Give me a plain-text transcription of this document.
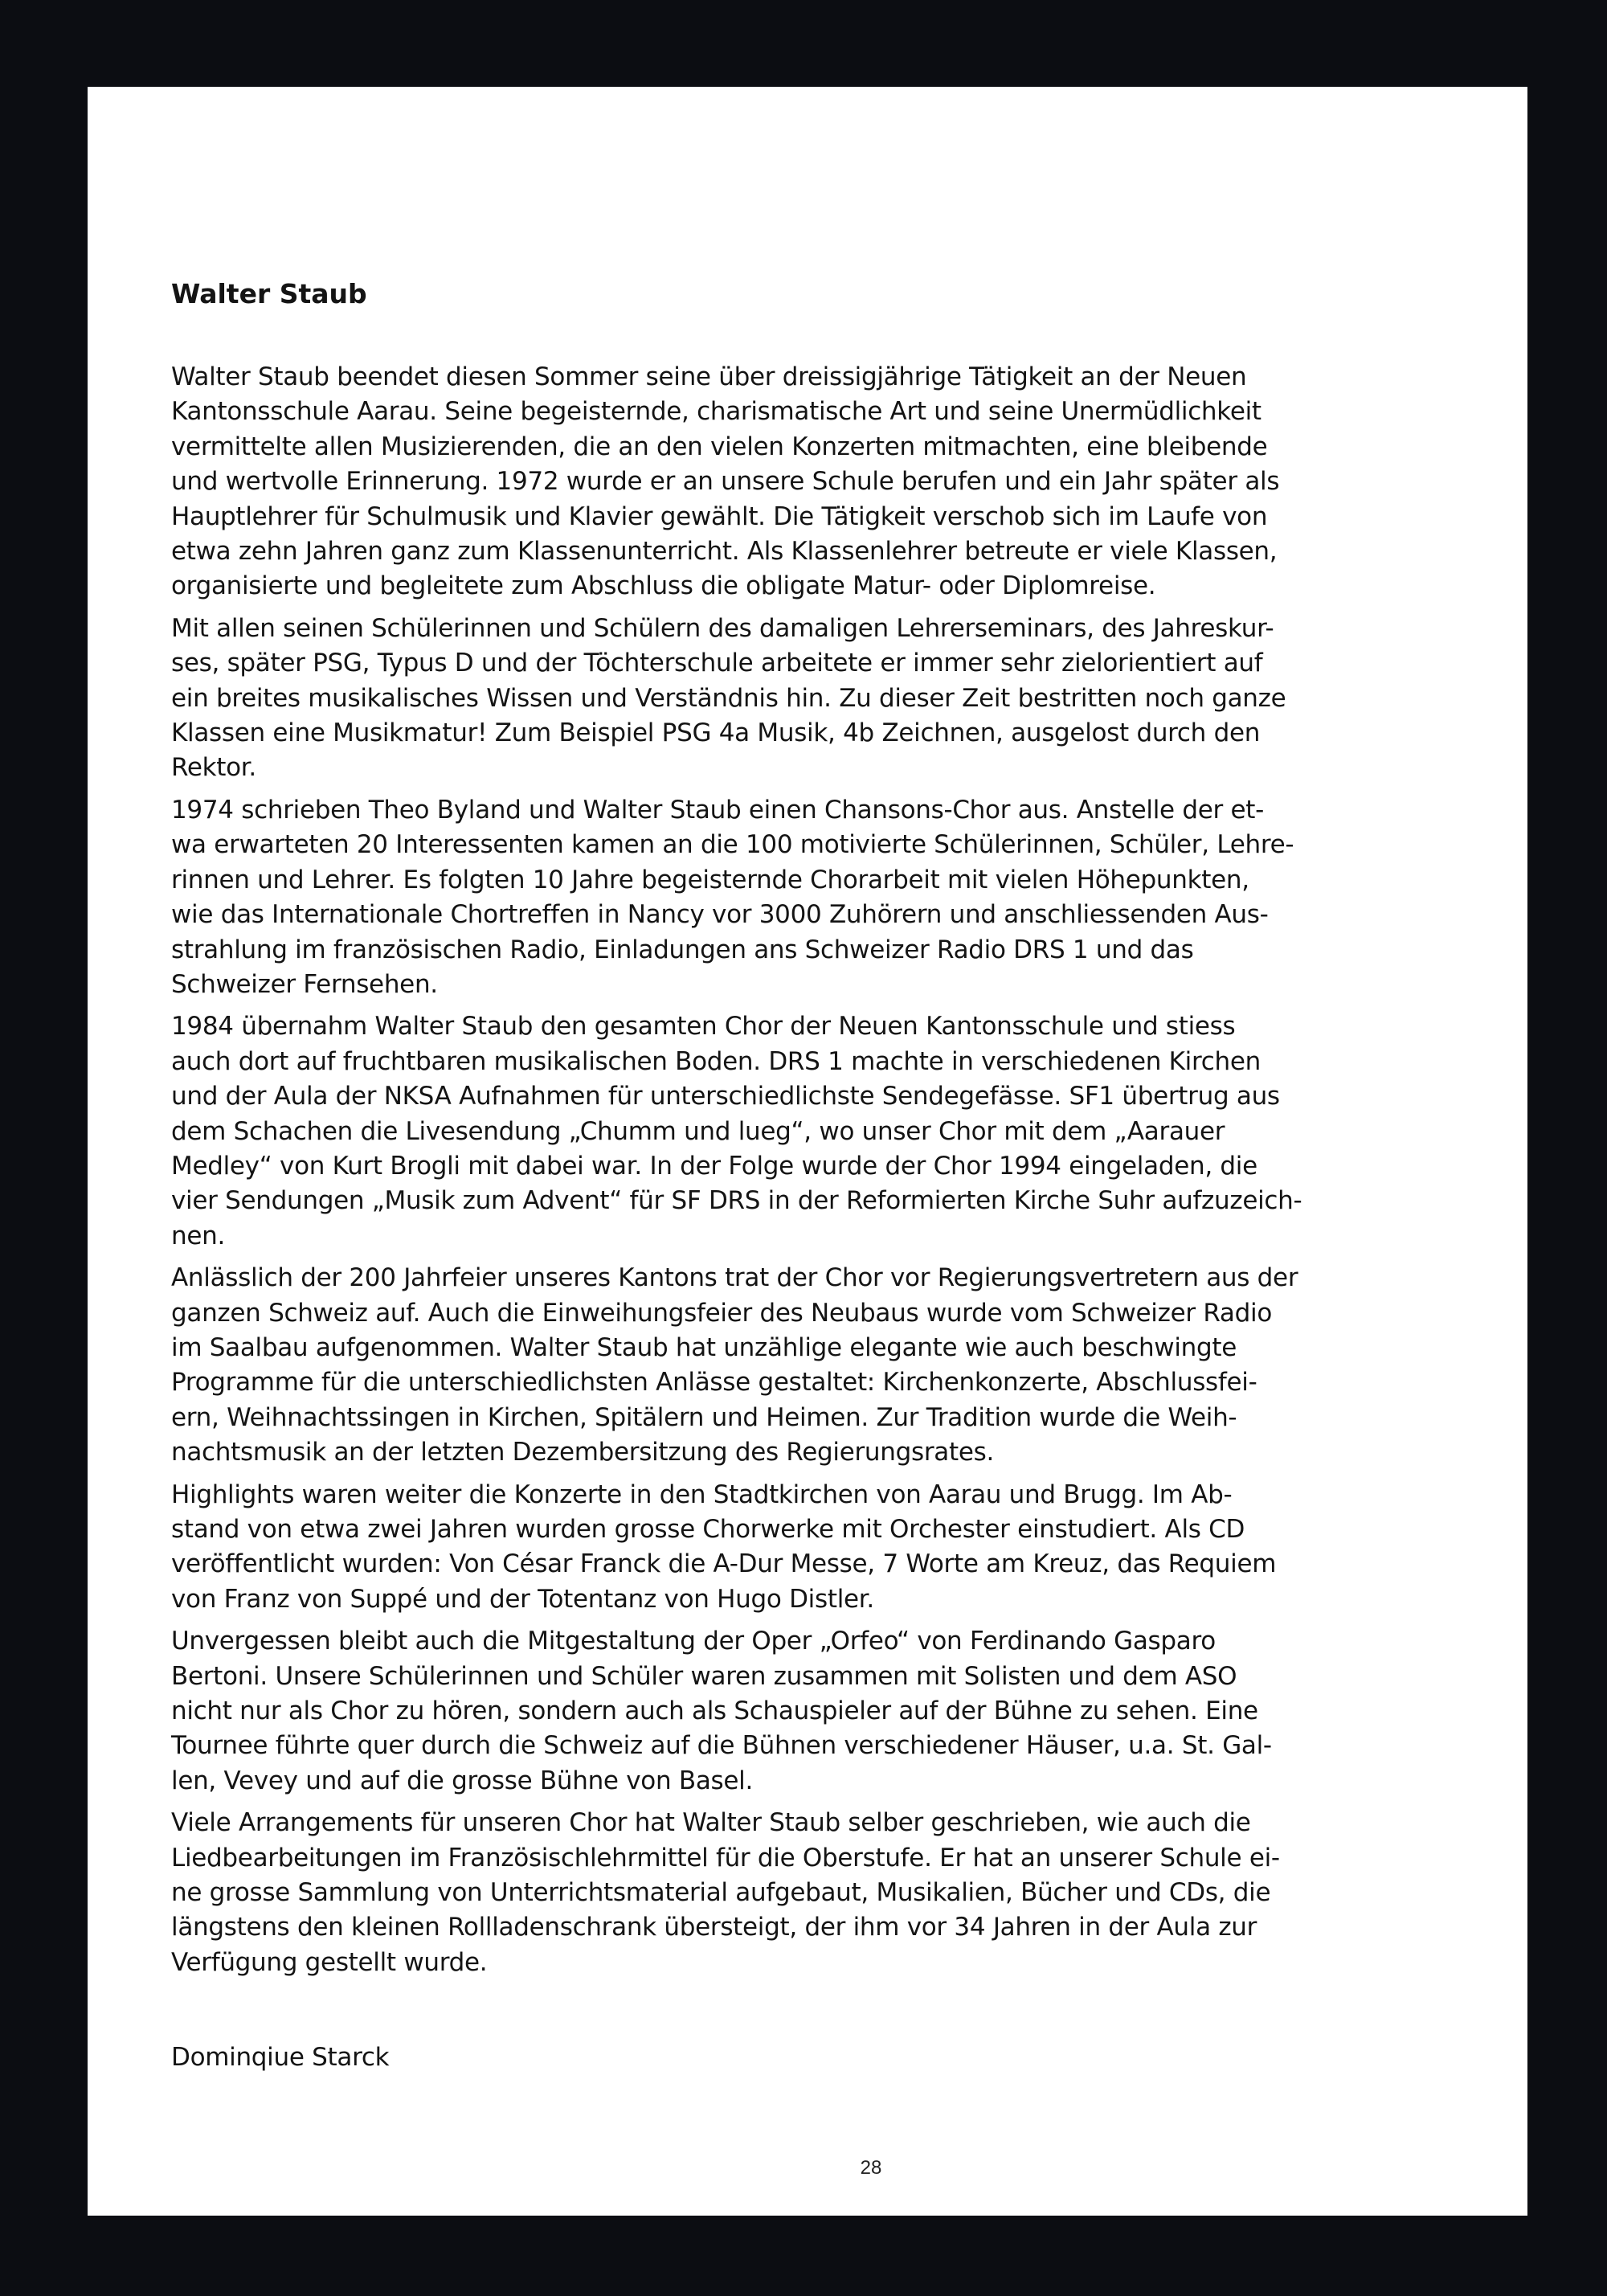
Walter Staub
Walter Staub beendet diesen Sommer seine über dreissigjährige Tätigkeit an der Neuen
Kantonsschule Aarau. Seine begeisternde, charismatische Art und seine Unermüdlichkeit
vermittelte allen Musizierenden, die an den vielen Konzerten mitmachten, eine bleibende
und wertvolle Erinnerung. 1972 wurde er an unsere Schule berufen und ein Jahr später als
Hauptlehrer für Schulmusik und Klavier gewählt. Die Tätigkeit verschob sich im Laufe von
etwa zehn Jahren ganz zum Klassenunterricht. Als Klassenlehrer betreute er viele Klassen,
organisierte und begleitete zum Abschluss die obligate Matur- oder Diplomreise.
Mit allen seinen Schülerinnen und Schülern des damaligen Lehrerseminars, des Jahreskur-
ses, später PSG, Typus D und der Töchterschule arbeitete er immer sehr zielorientiert auf
ein breites musikalisches Wissen und Verständnis hin. Zu dieser Zeit bestritten noch ganze
Klassen eine Musikmatur! Zum Beispiel PSG 4a Musik, 4b Zeichnen, ausgelost durch den
Rektor.
1974 schrieben Theo Byland und Walter Staub einen Chansons-Chor aus. Anstelle der et-
wa erwarteten 20 Interessenten kamen an die 100 motivierte Schülerinnen, Schüler, Lehre-
rinnen und Lehrer. Es folgten 10 Jahre begeisternde Chorarbeit mit vielen Höhepunkten,
wie das Internationale Chortreffen in Nancy vor 3000 Zuhörern und anschliessenden Aus-
strahlung im französischen Radio, Einladungen ans Schweizer Radio DRS 1 und das
Schweizer Fernsehen.
1984 übernahm Walter Staub den gesamten Chor der Neuen Kantonsschule und stiess
auch dort auf fruchtbaren musikalischen Boden. DRS 1 machte in verschiedenen Kirchen
und der Aula der NKSA Aufnahmen für unterschiedlichste Sendegefässe. SF1 übertrug aus
dem Schachen die Livesendung „Chumm und lueg“, wo unser Chor mit dem „Aarauer
Medley“ von Kurt Brogli mit dabei war. In der Folge wurde der Chor 1994 eingeladen, die
vier Sendungen „Musik zum Advent“ für SF DRS in der Reformierten Kirche Suhr aufzuzeich-
nen.
Anlässlich der 200 Jahrfeier unseres Kantons trat der Chor vor Regierungsvertretern aus der
ganzen Schweiz auf. Auch die Einweihungsfeier des Neubaus wurde vom Schweizer Radio
im Saalbau aufgenommen. Walter Staub hat unzählige elegante wie auch beschwingte
Programme für die unterschiedlichsten Anlässe gestaltet: Kirchenkonzerte, Abschlussfei-
ern, Weihnachtssingen in Kirchen, Spitälern und Heimen. Zur Tradition wurde die Weih-
nachtsmusik an der letzten Dezembersitzung des Regierungsrates.
Highlights waren weiter die Konzerte in den Stadtkirchen von Aarau und Brugg. Im Ab-
stand von etwa zwei Jahren wurden grosse Chorwerke mit Orchester einstudiert. Als CD
veröffentlicht wurden: Von César Franck die A-Dur Messe, 7 Worte am Kreuz, das Requiem
von Franz von Suppé und der Totentanz von Hugo Distler.
Unvergessen bleibt auch die Mitgestaltung der Oper „Orfeo“ von Ferdinando Gasparo
Bertoni. Unsere Schülerinnen und Schüler waren zusammen mit Solisten und dem ASO
nicht nur als Chor zu hören, sondern auch als Schauspieler auf der Bühne zu sehen. Eine
Tournee führte quer durch die Schweiz auf die Bühnen verschiedener Häuser, u.a. St. Gal-
len, Vevey und auf die grosse Bühne von Basel.
Viele Arrangements für unseren Chor hat Walter Staub selber geschrieben, wie auch die
Liedbearbeitungen im Französischlehrmittel für die Oberstufe. Er hat an unserer Schule ei-
ne grosse Sammlung von Unterrichtsmaterial aufgebaut, Musikalien, Bücher und CDs, die
längstens den kleinen Rollladenschrank übersteigt, der ihm vor 34 Jahren in der Aula zur
Verfügung gestellt wurde.
Dominqiue Starck
28
